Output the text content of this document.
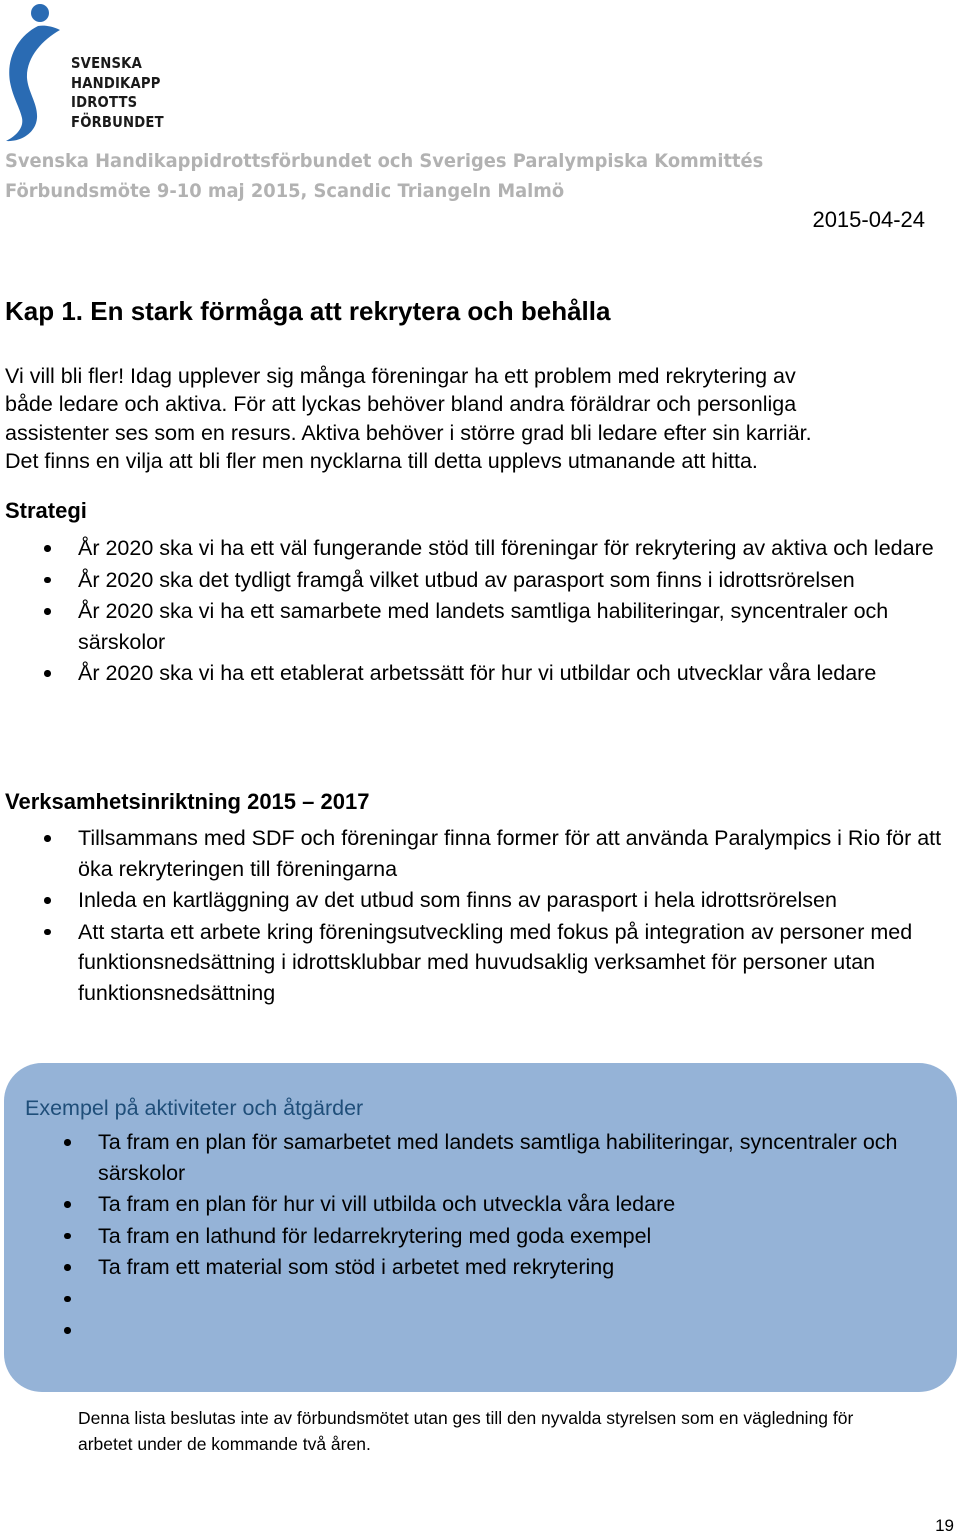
SVENSKA
HANDIKAPP
IDROTTS
FÖRBUNDET
Svenska Handikappidrottsförbundet och Sveriges Paralympiska Kommittés
Förbundsmöte 9-10 maj 2015, Scandic Triangeln Malmö
2015-04-24
Kap 1. En stark förmåga att rekrytera och behålla
Vi vill bli fler! Idag upplever sig många föreningar ha ett problem med rekrytering av
både ledare och aktiva. För att lyckas behöver bland andra föräldrar och personliga
assistenter ses som en resurs. Aktiva behöver i större grad bli ledare efter sin karriär.
Det finns en vilja att bli fler men nycklarna till detta upplevs utmanande att hitta.
Strategi
År 2020 ska vi ha ett väl fungerande stöd till föreningar för rekrytering av aktiva och ledare
År 2020 ska det tydligt framgå vilket utbud av parasport som finns i idrottsrörelsen
År 2020 ska vi ha ett samarbete med landets samtliga habiliteringar, syncentraler och särskolor
År 2020 ska vi ha ett etablerat arbetssätt för hur vi utbildar och utvecklar våra ledare
Verksamhetsinriktning 2015 – 2017
Tillsammans med SDF och föreningar finna former för att använda Paralympics i Rio för att öka rekryteringen till föreningarna
Inleda en kartläggning av det utbud som finns av parasport i hela idrottsrörelsen
Att starta ett arbete kring föreningsutveckling med fokus på integration av personer med funktionsnedsättning i idrottsklubbar med huvudsaklig verksamhet för personer utan funktionsnedsättning
Exempel på aktiviteter och åtgärder
Ta fram en plan för samarbetet med landets samtliga habiliteringar, syncentraler och särskolor
Ta fram en plan för hur vi vill utbilda och utveckla våra ledare
Ta fram en lathund för ledarrekrytering med goda exempel
Ta fram ett material som stöd i arbetet med rekrytering

Denna lista beslutas inte av förbundsmötet utan ges till den nyvalda styrelsen som en vägledning för arbetet under de kommande två åren.
19
